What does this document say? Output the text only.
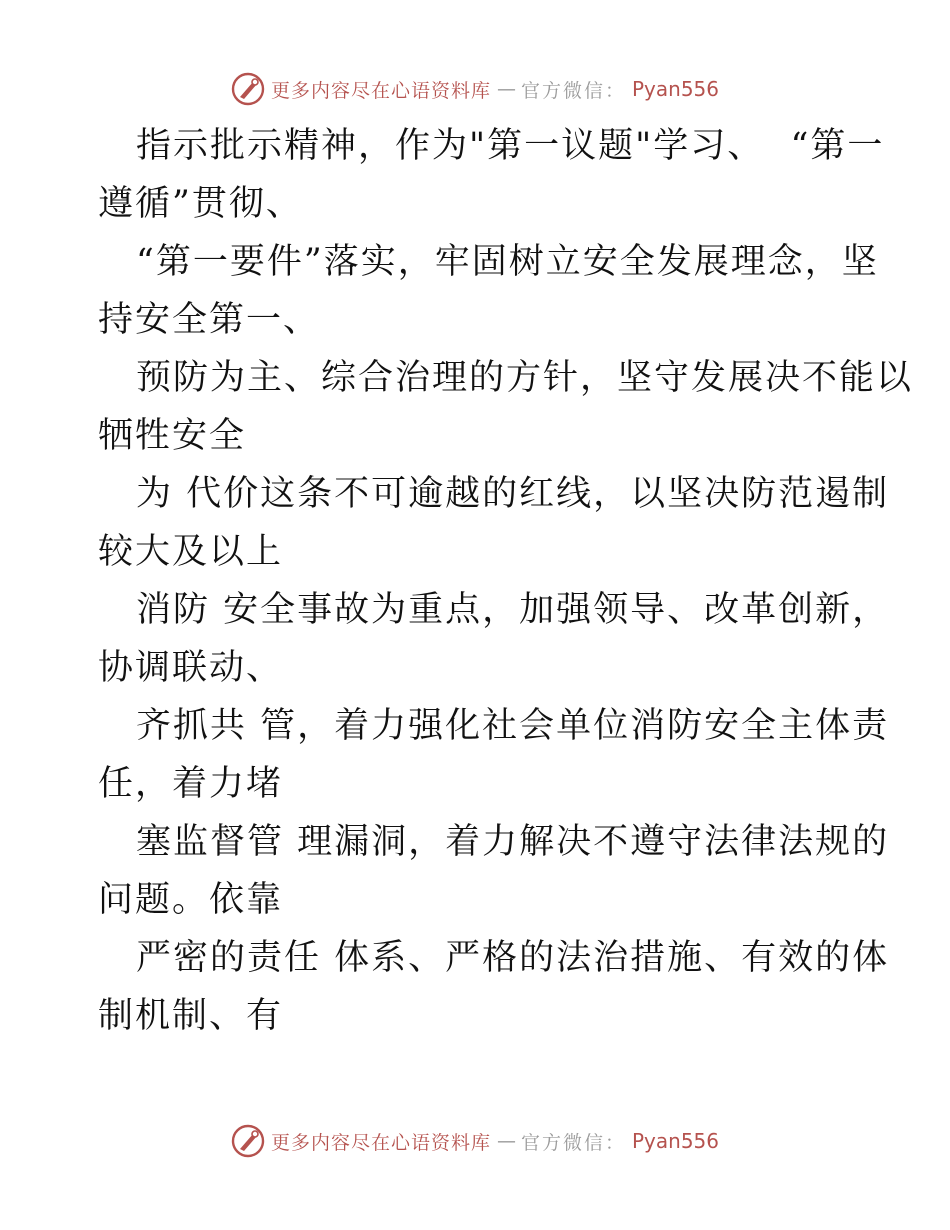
更多内容尽在心语资料库 — 官方微信： Pyan556
指示批示精神，作为"第一议题"学习、  “第一
遵循”贯彻、
“第一要件”落实，牢固树立安全发展理念，坚
持安全第一、
预防为主、综合治理的方针，坚守发展决不能以
牺牲安全
为 代价这条不可逾越的红线，以坚决防范遏制
较大及以上
消防 安全事故为重点，加强领导、改革创新，
协调联动、
齐抓共 管，着力强化社会单位消防安全主体责
任，着力堵
塞监督管 理漏洞，着力解决不遵守法律法规的
问题。依靠
严密的责任 体系、严格的法治措施、有效的体
制机制、有
更多内容尽在心语资料库 — 官方微信： Pyan556
